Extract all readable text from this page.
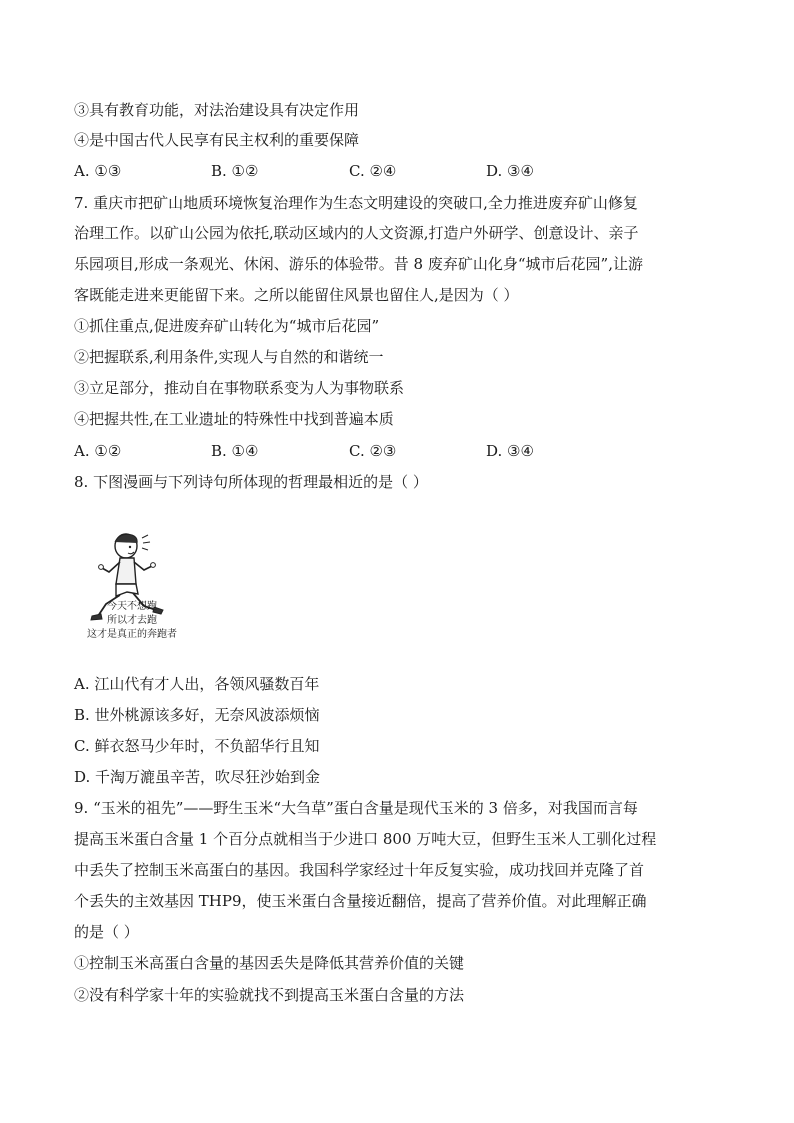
③具有教育功能，对法治建设具有决定作用
④是中国古代人民享有民主权利的重要保障
A. ①③	B. ①②	C. ②④	D. ③④
7. 重庆市把矿山地质环境恢复治理作为生态文明建设的突破口,全力推进废弃矿山修复
治理工作。以矿山公园为依托,联动区域内的人文资源,打造户外研学、创意设计、亲子
乐园项目,形成一条观光、休闲、游乐的体验带。昔 8 废弃矿山化身“城市后花园”,让游
客既能走进来更能留下来。之所以能留住风景也留住人,是因为（ ）
①抓住重点,促进废弃矿山转化为“城市后花园”
②把握联系,利用条件,实现人与自然的和谐统一
③立足部分，推动自在事物联系变为人为事物联系
④把握共性,在工业遗址的特殊性中找到普遍本质
A. ①②	B. ①④	C. ②③	D. ③④
8. 下图漫画与下列诗句所体现的哲理最相近的是（ ）
今天不想跑
所以才去跑
这才是真正的奔跑者
A. 江山代有才人出，各领风骚数百年
B. 世外桃源该多好，无奈风波添烦恼
C. 鲜衣怒马少年时，不负韶华行且知
D. 千淘万漉虽辛苦，吹尽狂沙始到金
9. “玉米的祖先”——野生玉米“大刍草”蛋白含量是现代玉米的 3 倍多，对我国而言每
提高玉米蛋白含量 1 个百分点就相当于少进口 800 万吨大豆，但野生玉米人工驯化过程
中丢失了控制玉米高蛋白的基因。我国科学家经过十年反复实验，成功找回并克隆了首
个丢失的主效基因 THP9，使玉米蛋白含量接近翻倍，提高了营养价值。对此理解正确
的是（ ）
①控制玉米高蛋白含量的基因丢失是降低其营养价值的关键
②没有科学家十年的实验就找不到提高玉米蛋白含量的方法
